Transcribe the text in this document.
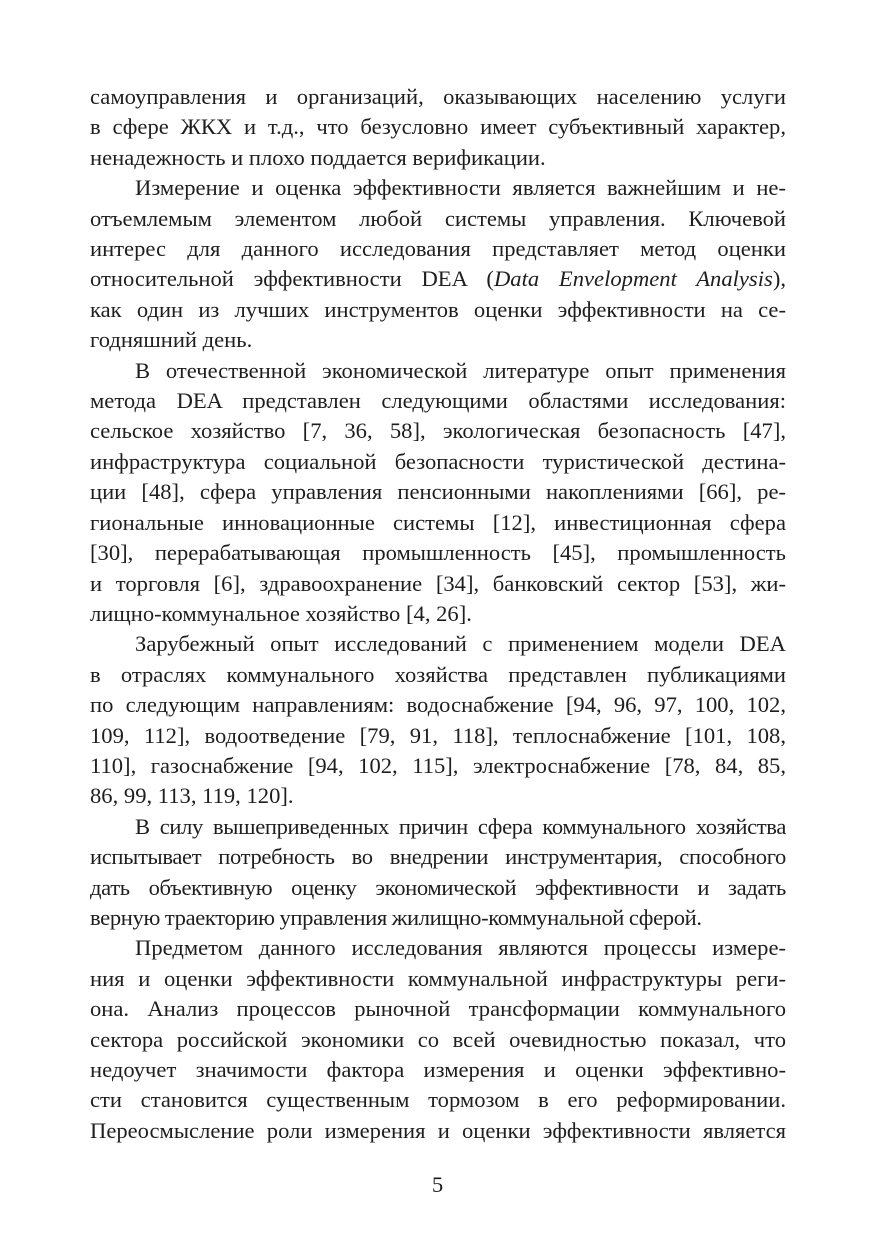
самоуправления и организаций, оказывающих населению услуги
в сфере ЖКХ и т.д., что безусловно имеет субъективный характер,
ненадежность и плохо поддается верификации.

Измерение и оценка эффективности является важнейшим и не-
отъемлемым элементом любой системы управления. Ключевой
интерес для данного исследования представляет метод оценки
относительной эффективности DEA (Data Envelopment Analysis),
как один из лучших инструментов оценки эффективности на се-
годняшний день.

В отечественной экономической литературе опыт применения
метода DEA представлен следующими областями исследования:
сельское хозяйство [7, 36, 58], экологическая безопасность [47],
инфраструктура социальной безопасности туристической дестина-
ции [48], сфера управления пенсионными накоплениями [66], ре-
гиональные инновационные системы [12], инвестиционная сфера
[30], перерабатывающая промышленность [45], промышленность
и торговля [6], здравоохранение [34], банковский сектор [53], жи-
лищно-коммунальное хозяйство [4, 26].

Зарубежный опыт исследований с применением модели DEA
в отраслях коммунального хозяйства представлен публикациями
по следующим направлениям: водоснабжение [94, 96, 97, 100, 102,
109, 112], водоотведение [79, 91, 118], теплоснабжение [101, 108,
110], газоснабжение [94, 102, 115], электроснабжение [78, 84, 85,
86, 99, 113, 119, 120].

В силу вышеприведенных причин сфера коммунального хозяйства
испытывает потребность во внедрении инструментария, способного
дать объективную оценку экономической эффективности и задать
верную траекторию управления жилищно-коммунальной сферой.

Предметом данного исследования являются процессы измере-
ния и оценки эффективности коммунальной инфраструктуры реги-
она. Анализ процессов рыночной трансформации коммунального
сектора российской экономики со всей очевидностью показал, что
недоучет значимости фактора измерения и оценки эффективно-
сти становится существенным тормозом в его реформировании.
Переосмысление роли измерения и оценки эффективности является

5
